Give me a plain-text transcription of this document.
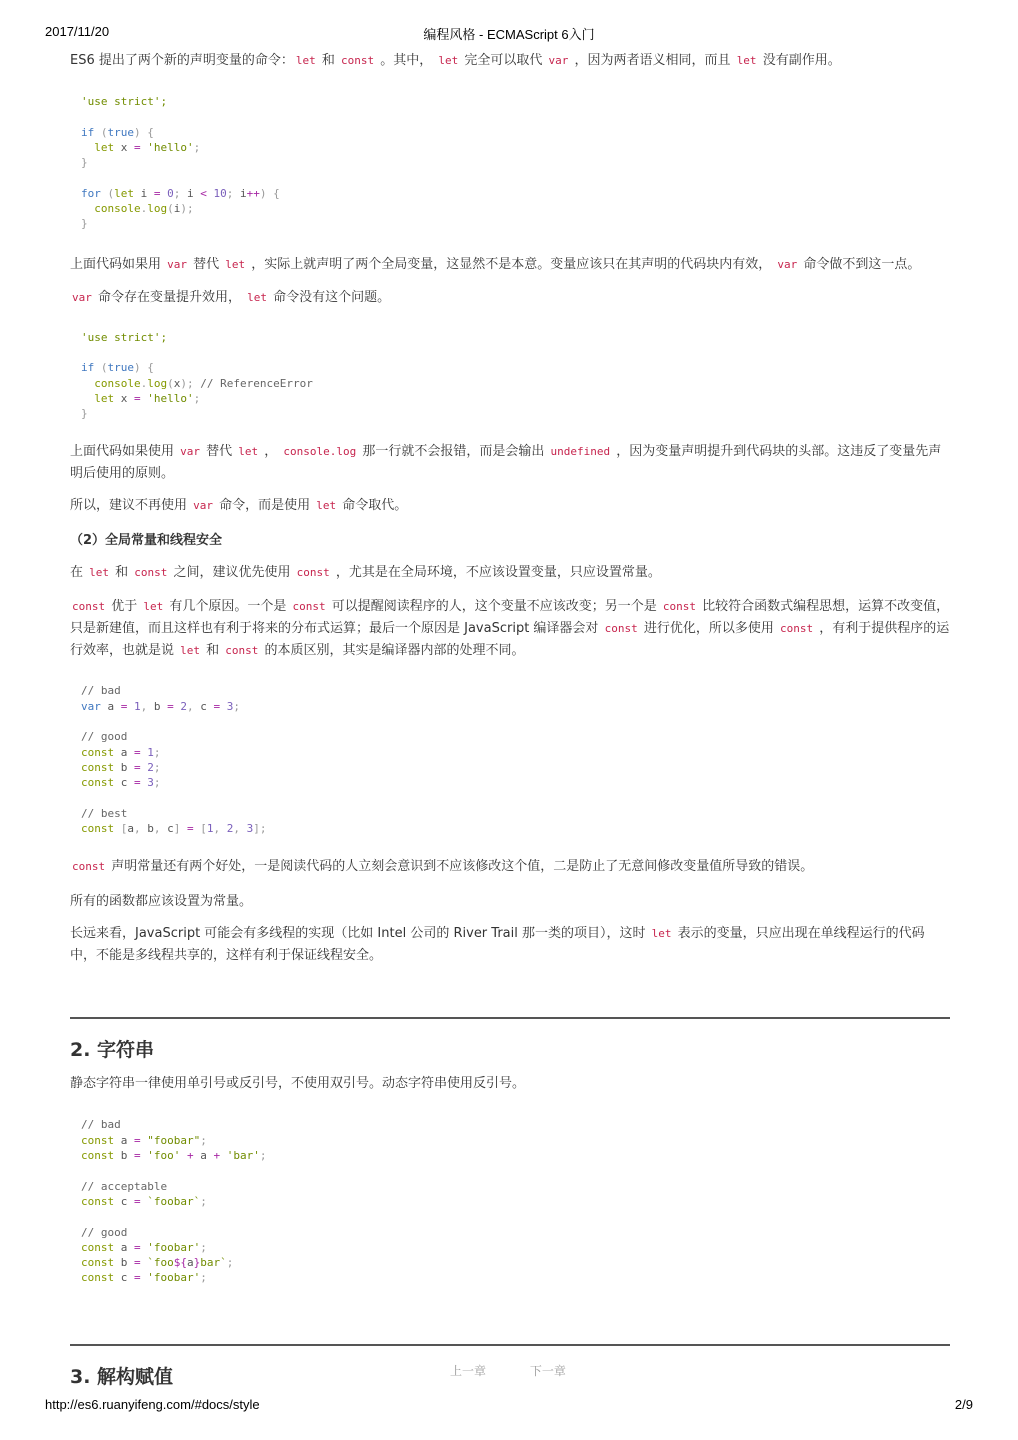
2017/11/20	编程风格 - ECMAScript 6入门

ES6 提出了两个新的声明变量的命令： let 和 const 。其中， let 完全可以取代 var ，因为两者语义相同，而且 let 没有副作用。

'use strict';

if (true) {
let x = 'hello';
}

for (let i = 0; i < 10; i++) {
console.log(i);
}

上面代码如果用 var 替代 let ，实际上就声明了两个全局变量，这显然不是本意。变量应该只在其声明的代码块内有效， var 命令做不到这一点。

var 命令存在变量提升效用， let 命令没有这个问题。

'use strict';

if (true) {
console.log(x); // ReferenceError
let x = 'hello';
}

上面代码如果使用 var 替代 let ， console.log 那一行就不会报错，而是会输出 undefined ，因为变量声明提升到代码块的头部。这违反了变量先声明后使用的原则。

所以，建议不再使用 var 命令，而是使用 let 命令取代。

（2）全局常量和线程安全

在 let 和 const 之间，建议优先使用 const ，尤其是在全局环境，不应该设置变量，只应设置常量。

const 优于 let 有几个原因。一个是 const 可以提醒阅读程序的人，这个变量不应该改变；另一个是 const 比较符合函数式编程思想，运算不改变值，只是新建值，而且这样也有利于将来的分布式运算；最后一个原因是 JavaScript 编译器会对 const 进行优化，所以多使用 const ，有利于提供程序的运行效率，也就是说 let 和 const 的本质区别，其实是编译器内部的处理不同。

// bad
var a = 1, b = 2, c = 3;

// good
const a = 1;
const b = 2;
const c = 3;

// best
const [a, b, c] = [1, 2, 3];

const 声明常量还有两个好处，一是阅读代码的人立刻会意识到不应该修改这个值，二是防止了无意间修改变量值所导致的错误。

所有的函数都应该设置为常量。

长远来看，JavaScript 可能会有多线程的实现（比如 Intel 公司的 River Trail 那一类的项目），这时 let 表示的变量，只应出现在单线程运行的代码中，不能是多线程共享的，这样有利于保证线程安全。

2. 字符串

静态字符串一律使用单引号或反引号，不使用双引号。动态字符串使用反引号。

// bad
const a = "foobar";
const b = 'foo' + a + 'bar';

// acceptable
const c = `foobar`;

// good
const a = 'foobar';
const b = `foo${a}bar`;
const c = 'foobar';
3. 解构赋值	上一章	下一章
http://es6.ruanyifeng.com/#docs/style	2/9
